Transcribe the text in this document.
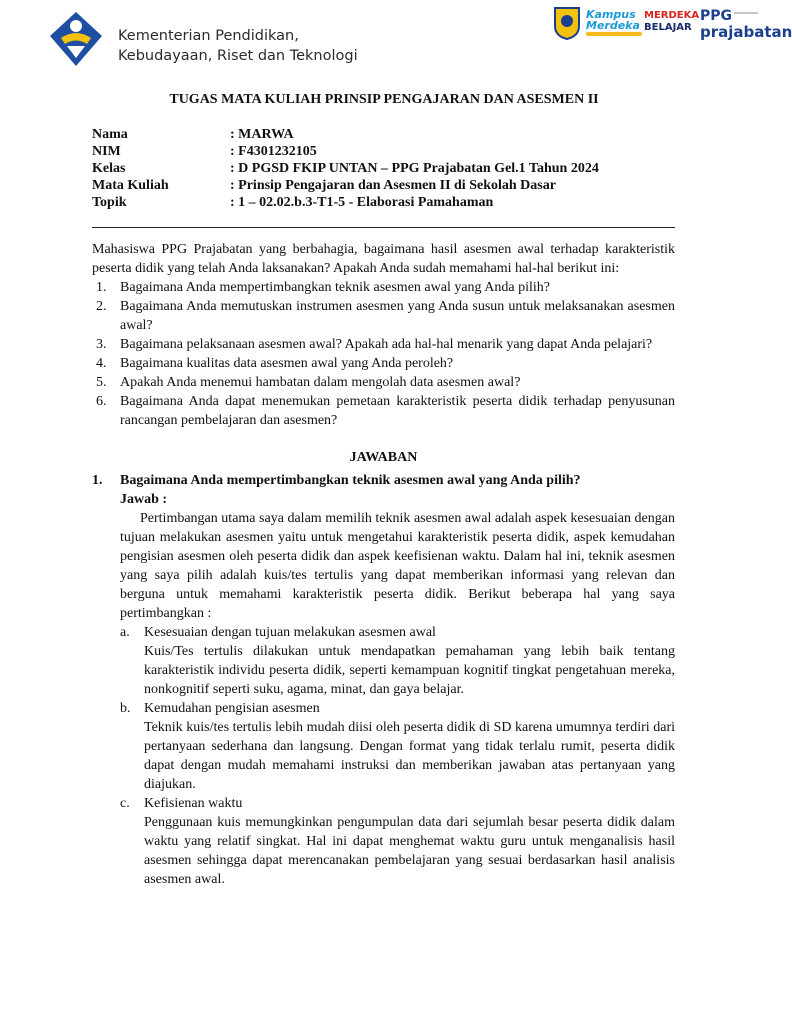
Kementerian Pendidikan,
Kebudayaan, Riset dan Teknologi
Kampus
Merdeka
MERDEKA
BELAJAR
PPG
prajabatan
TUGAS MATA KULIAH PRINSIP PENGAJARAN DAN ASESMEN II
Nama	: MARWA
NIM	: F4301232105
Kelas	: D PGSD FKIP UNTAN – PPG Prajabatan Gel.1 Tahun 2024
Mata Kuliah	: Prinsip Pengajaran dan Asesmen II di Sekolah Dasar
Topik	: 1 – 02.02.b.3-T1-5 - Elaborasi Pamahaman
Mahasiswa PPG Prajabatan yang berbahagia, bagaimana hasil asesmen awal terhadap karakteristik peserta didik yang telah Anda laksanakan? Apakah Anda sudah memahami hal-hal berikut ini:
1. Bagaimana Anda mempertimbangkan teknik asesmen awal yang Anda pilih?
2. Bagaimana Anda memutuskan instrumen asesmen yang Anda susun untuk melaksanakan asesmen awal?
3. Bagaimana pelaksanaan asesmen awal? Apakah ada hal-hal menarik yang dapat Anda pelajari?
4. Bagaimana kualitas data asesmen awal yang Anda peroleh?
5. Apakah Anda menemui hambatan dalam mengolah data asesmen awal?
6. Bagaimana Anda dapat menemukan pemetaan karakteristik peserta didik terhadap penyusunan rancangan pembelajaran dan asesmen?
JAWABAN
1.	Bagaimana Anda mempertimbangkan teknik asesmen awal yang Anda pilih?
Jawab :
Pertimbangan utama saya dalam memilih teknik asesmen awal adalah aspek kesesuaian dengan tujuan melakukan asesmen yaitu untuk mengetahui karakteristik peserta didik, aspek kemudahan pengisian asesmen oleh peserta didik dan aspek keefisienan waktu. Dalam hal ini, teknik asesmen yang saya pilih adalah kuis/tes tertulis yang dapat memberikan informasi yang relevan dan berguna untuk memahami karakteristik peserta didik. Berikut beberapa hal yang saya pertimbangkan :
a.	Kesesuaian dengan tujuan melakukan asesmen awal
Kuis/Tes tertulis dilakukan untuk mendapatkan pemahaman yang lebih baik tentang karakteristik individu peserta didik, seperti kemampuan kognitif tingkat pengetahuan mereka, nonkognitif seperti suku, agama, minat, dan gaya belajar.
b. Kemudahan pengisian asesmen
Teknik kuis/tes tertulis lebih mudah diisi oleh peserta didik di SD karena umumnya terdiri dari pertanyaan sederhana dan langsung. Dengan format yang tidak terlalu rumit, peserta didik dapat dengan mudah memahami instruksi dan memberikan jawaban atas pertanyaan yang diajukan.
c.	Kefisienan waktu
Penggunaan kuis memungkinkan pengumpulan data dari sejumlah besar peserta didik dalam waktu yang relatif singkat. Hal ini dapat menghemat waktu guru untuk menganalisis hasil asesmen sehingga dapat merencanakan pembelajaran yang sesuai berdasarkan hasil analisis asesmen awal.
